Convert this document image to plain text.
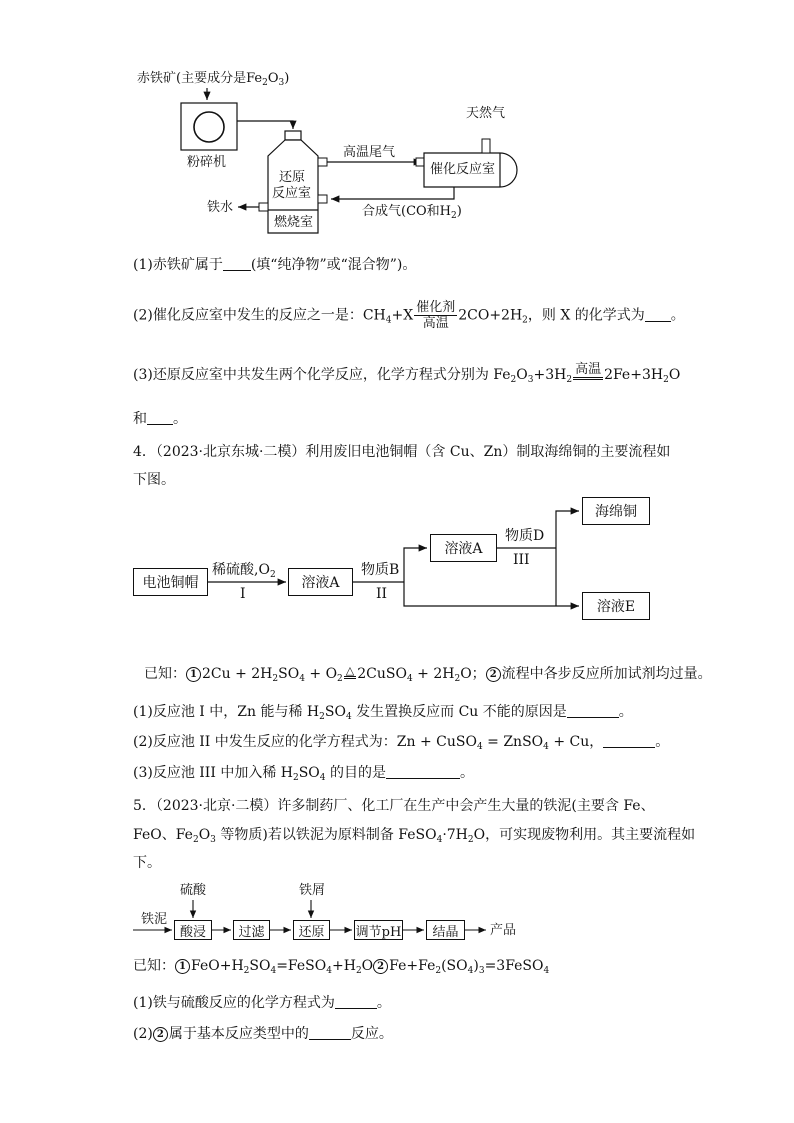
赤铁矿(主要成分是$Fe_2O_3$)
粉碎机
还原
反应室
燃烧室
高温尾气
天然气
催化反应室
铁水	合成气(CO和$H_2$)
(1)赤铁矿属于 (填“纯净物”或“混合物”)。
(2)催化反应室中发生的反应之一是：$CH_4+X \frac{\text{催化剂}}{\text{高温}} 2CO+2H_2$，则 X 的化学式为 。
(3)还原反应室中共发生两个化学反应，化学方程式分别为 $Fe_2O_3+3H_2$
高温 $2Fe+3H_2O$
和 。
4．（2023·北京东城·二模）利用废旧电池铜帽（含 Cu、Zn）制取海绵铜的主要流程如
下图。
电池铜帽	溶液A
溶液A
海绵铜
溶液E
稀硫酸$,O_2$
I
物质B
II
物质D
III
已知： 1 $2Cu + 2H_2SO_4 + O_2$
△ 2CuSO$_4$ + $2H_2O$； 2 流程中各步反应所加试剂均过量。
(1)反应池 I 中，Zn 能与稀 $H_2SO_4$ 发生置换反应而 Cu 不能的原因是	。
(2)反应池 II 中发生反应的化学方程式为：Zn + CuSO$_4$ = ZnSO$_4$ + Cu，	。
(3)反应池 III 中加入稀 $H_2SO_4$ 的目的是	。
5．（2023·北京·二模）许多制药厂、化工厂在生产中会产生大量的铁泥(主要含 Fe、
FeO、$Fe_2O_3$ 等物质)若以铁泥为原料制备 $FeSO_4\cdot 7H_2O$，可实现废物利用。其主要流程如
下。
铁泥
硫酸	铁屑
酸浸	过滤	还原	调节pH	结晶	产品
已知： 1 $FeO+H_2SO_4=FeSO_4+H_2O$ 2 $Fe+Fe_2(SO_4)_3=3FeSO_4$
(1)铁与硫酸反应的化学方程式为	。
(2) 2 属于基本反应类型中的	反应。
